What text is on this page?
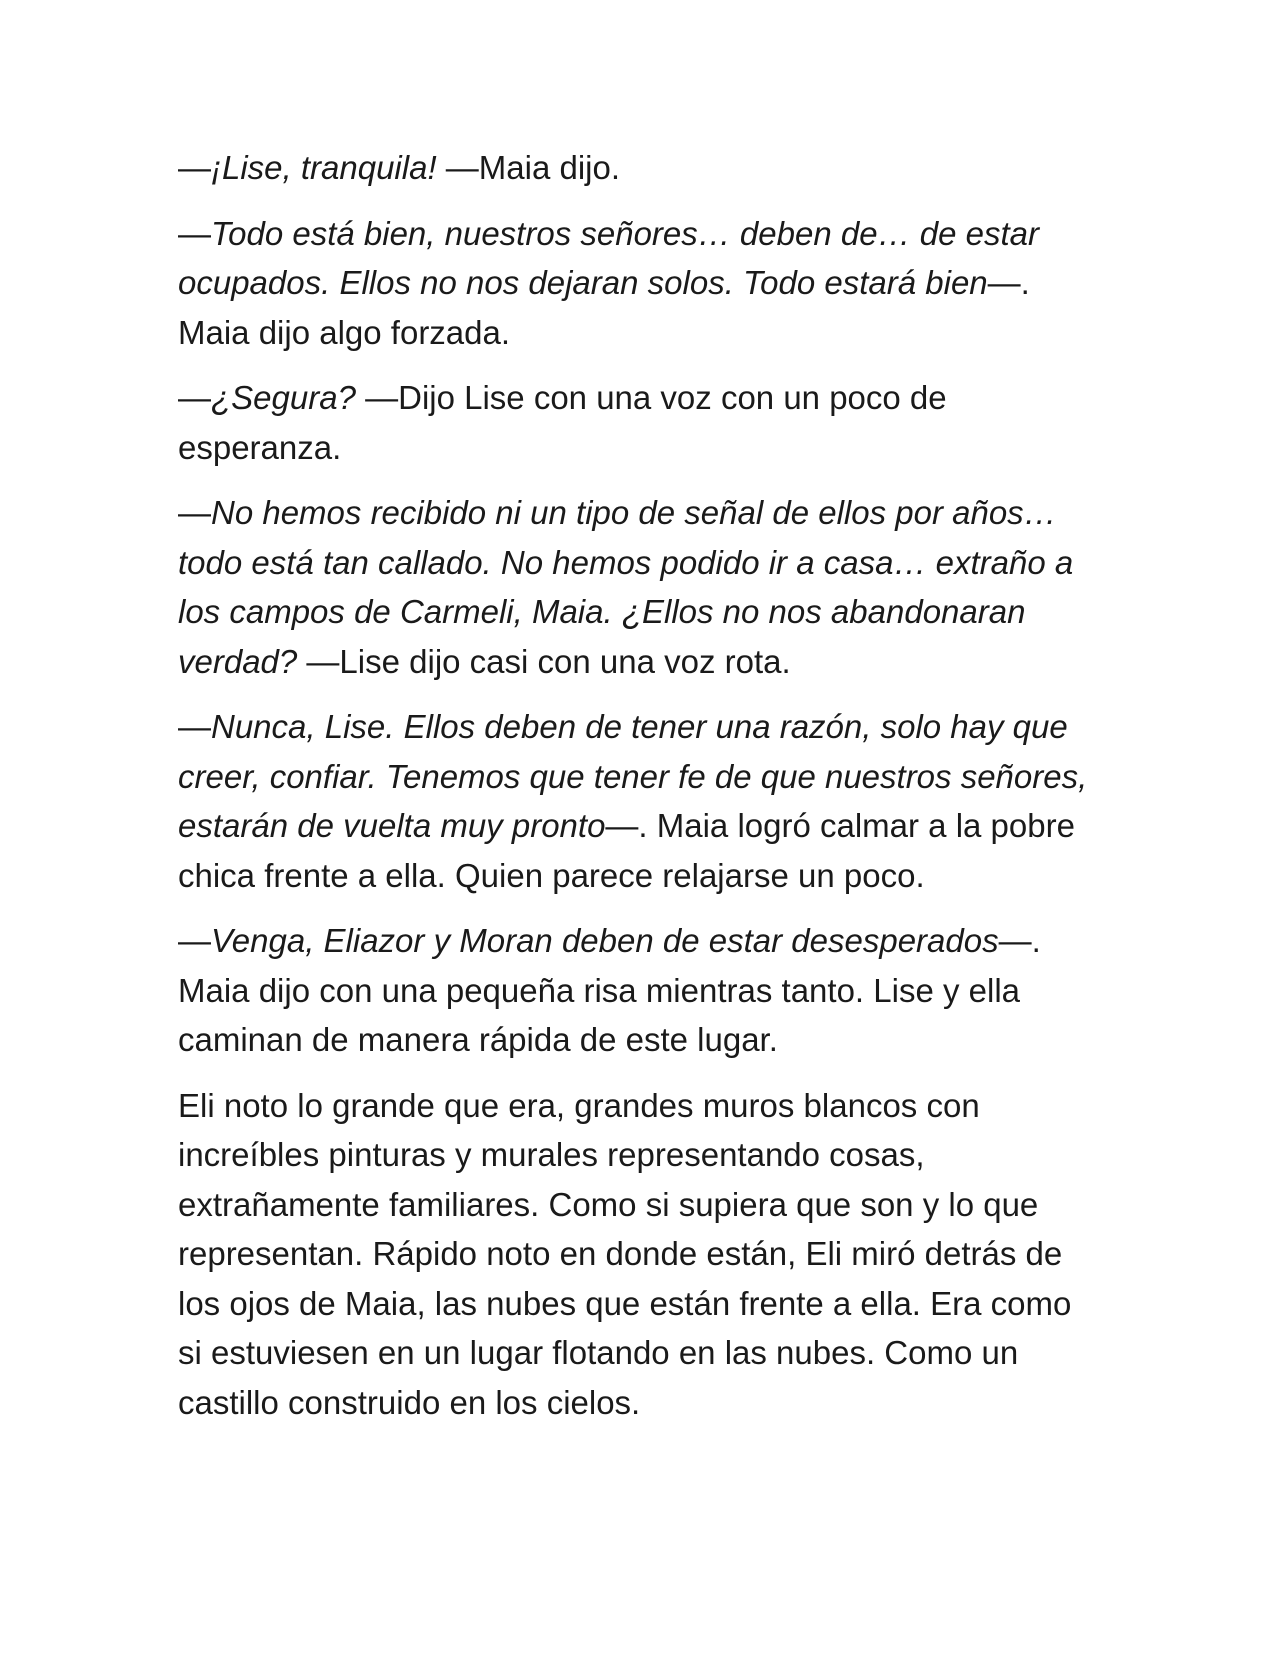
—¡Lise, tranquila! —Maia dijo.

—Todo está bien, nuestros señores… deben de… de estar ocupados. Ellos no nos dejaran solos. Todo estará bien—. Maia dijo algo forzada.

—¿Segura? —Dijo Lise con una voz con un poco de esperanza.

—No hemos recibido ni un tipo de señal de ellos por años… todo está tan callado. No hemos podido ir a casa… extraño a los campos de Carmeli, Maia. ¿Ellos no nos abandonaran verdad? —Lise dijo casi con una voz rota.

—Nunca, Lise. Ellos deben de tener una razón, solo hay que creer, confiar. Tenemos que tener fe de que nuestros señores, estarán de vuelta muy pronto—. Maia logró calmar a la pobre chica frente a ella. Quien parece relajarse un poco.

—Venga, Eliazor y Moran deben de estar desesperados—. Maia dijo con una pequeña risa mientras tanto. Lise y ella caminan de manera rápida de este lugar.

Eli noto lo grande que era, grandes muros blancos con increíbles pinturas y murales representando cosas, extrañamente familiares. Como si supiera que son y lo que representan. Rápido noto en donde están, Eli miró detrás de los ojos de Maia, las nubes que están frente a ella. Era como si estuviesen en un lugar flotando en las nubes. Como un castillo construido en los cielos.
